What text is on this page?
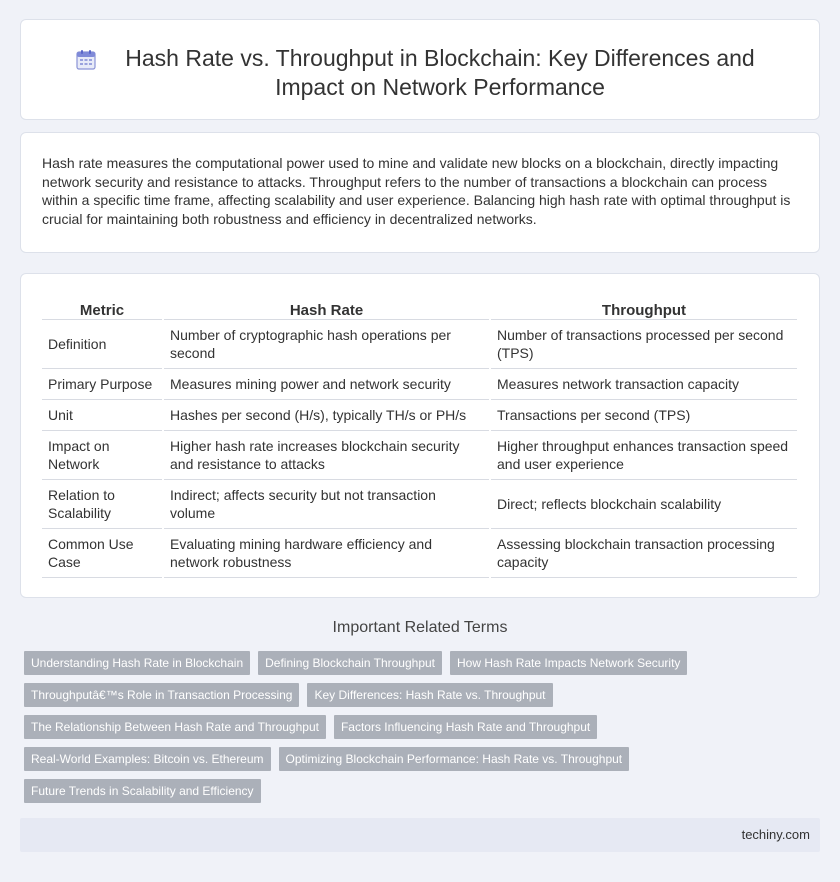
Hash Rate vs. Throughput in Blockchain: Key Differences and
Impact on Network Performance

Hash rate measures the computational power used to mine and validate new blocks on a blockchain, directly impacting network security and resistance to attacks. Throughput refers to the number of transactions a blockchain can process within a specific time frame, affecting scalability and user experience. Balancing high hash rate with optimal throughput is crucial for maintaining both robustness and efficiency in decentralized networks.

Metric	Hash Rate	Throughput
Definition	Number of cryptographic hash operations per second	Number of transactions processed per second (TPS)
Primary Purpose	Measures mining power and network security	Measures network transaction capacity
Unit	Hashes per second (H/s), typically TH/s or PH/s	Transactions per second (TPS)
Impact on Network	Higher hash rate increases blockchain security and resistance to attacks	Higher throughput enhances transaction speed and user experience
Relation to Scalability	Indirect; affects security but not transaction volume	Direct; reflects blockchain scalability
Common Use Case	Evaluating mining hardware efficiency and network robustness	Assessing blockchain transaction processing capacity
Important Related Terms
Understanding Hash Rate in Blockchain	Defining Blockchain Throughput	How Hash Rate Impacts Network Security
Throughputâ€™s Role in Transaction Processing	Key Differences: Hash Rate vs. Throughput
The Relationship Between Hash Rate and Throughput	Factors Influencing Hash Rate and Throughput
Real-World Examples: Bitcoin vs. Ethereum	Optimizing Blockchain Performance: Hash Rate vs. Throughput
Future Trends in Scalability and Efficiency
techiny.com
